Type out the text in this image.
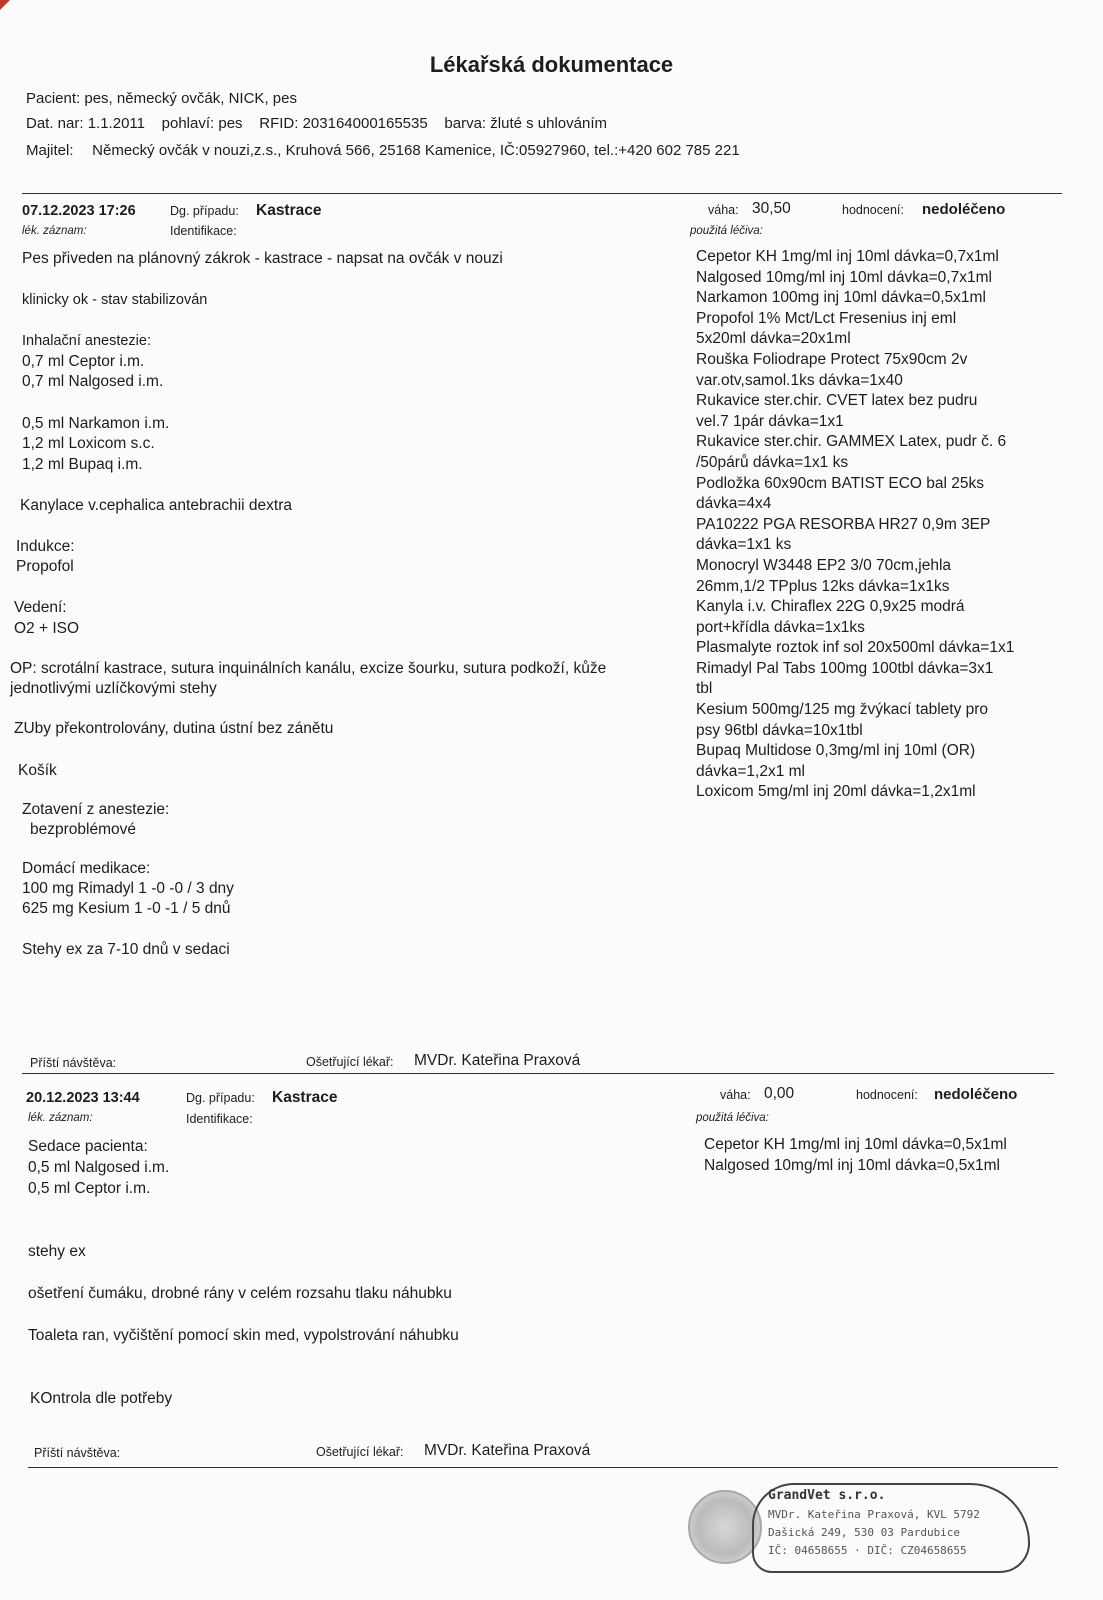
Lékařská dokumentace
Pacient: pes, německý ovčák, NICK, pes
Dat. nar: 1.1.2011 pohlaví: pes RFID: 203164000165535 barva: žluté s uhlováním
Majitel: Německý ovčák v nouzi,z.s., Kruhová 566, 25168 Kamenice, IČ:05927960, tel.:+420 602 785 221
07.12.2023 17:26	Dg. případu: Kastrace
lék. záznam:	Identifikace:
váha: 30,50	hodnocení: nedoléčeno
použitá léčiva:
Pes přiveden na plánovný zákrok - kastrace - napsat na ovčák v nouzi
klinicky ok - stav stabilizován
Inhalační anestezie:
0,7 ml Ceptor i.m.
0,7 ml Nalgosed i.m.
0,5 ml Narkamon i.m.
1,2 ml Loxicom s.c.
1,2 ml Bupaq i.m.
Kanylace v.cephalica antebrachii dextra
Indukce:
Propofol
Vedení:
O2 + ISO
OP: scrotální kastrace, sutura inquinálních kanálu, excize šourku, sutura podkoží, kůže
jednotlivými uzlíčkovými stehy
ZUby překontrolovány, dutina ústní bez zánětu
Košík
Zotavení z anestezie:
bezproblémové
Domácí medikace:
100 mg Rimadyl 1 -0 -0 / 3 dny
625 mg Kesium 1 -0 -1 / 5 dnů
Stehy ex za 7-10 dnů v sedaci
Cepetor KH 1mg/ml inj 10ml dávka=0,7x1ml
Nalgosed 10mg/ml inj 10ml dávka=0,7x1ml
Narkamon 100mg inj 10ml dávka=0,5x1ml
Propofol 1% Mct/Lct Fresenius inj eml
5x20ml dávka=20x1ml
Rouška Foliodrape Protect 75x90cm 2v
var.otv,samol.1ks dávka=1x40
Rukavice ster.chir. CVET latex bez pudru
vel.7 1pár dávka=1x1
Rukavice ster.chir. GAMMEX Latex, pudr č. 6
/50párů dávka=1x1 ks
Podložka 60x90cm BATIST ECO bal 25ks
dávka=4x4
PA10222 PGA RESORBA HR27 0,9m 3EP
dávka=1x1 ks
Monocryl W3448 EP2 3/0 70cm,jehla
26mm,1/2 TPplus 12ks dávka=1x1ks
Kanyla i.v. Chiraflex 22G 0,9x25 modrá
port+křídla dávka=1x1ks
Plasmalyte roztok inf sol 20x500ml dávka=1x1
Rimadyl Pal Tabs 100mg 100tbl dávka=3x1
tbl
Kesium 500mg/125 mg žvýkací tablety pro
psy 96tbl dávka=10x1tbl
Bupaq Multidose 0,3mg/ml inj 10ml (OR)
dávka=1,2x1 ml
Loxicom 5mg/ml inj 20ml dávka=1,2x1ml
Příští návštěva:	Ošetřující lékař: MVDr. Kateřina Praxová
20.12.2023 13:44	Dg. případu: Kastrace
lék. záznam:	Identifikace:
váha: 0,00	hodnocení: nedoléčeno
použitá léčiva:
Sedace pacienta:
0,5 ml Nalgosed i.m.
0,5 ml Ceptor i.m.
stehy ex
ošetření čumáku, drobné rány v celém rozsahu tlaku náhubku
Toaleta ran, vyčištění pomocí skin med, vypolstrování náhubku
KOntrola dle potřeby
Cepetor KH 1mg/ml inj 10ml dávka=0,5x1ml
Nalgosed 10mg/ml inj 10ml dávka=0,5x1ml
Příští návštěva:	Ošetřující lékař: MVDr. Kateřina Praxová
GrandVet s.r.o.
MVDr. Kateřina Praxová, KVL 5792
Dašická 249, 530 03 Pardubice
IČ: 04658655 · DIČ: CZ04658655
